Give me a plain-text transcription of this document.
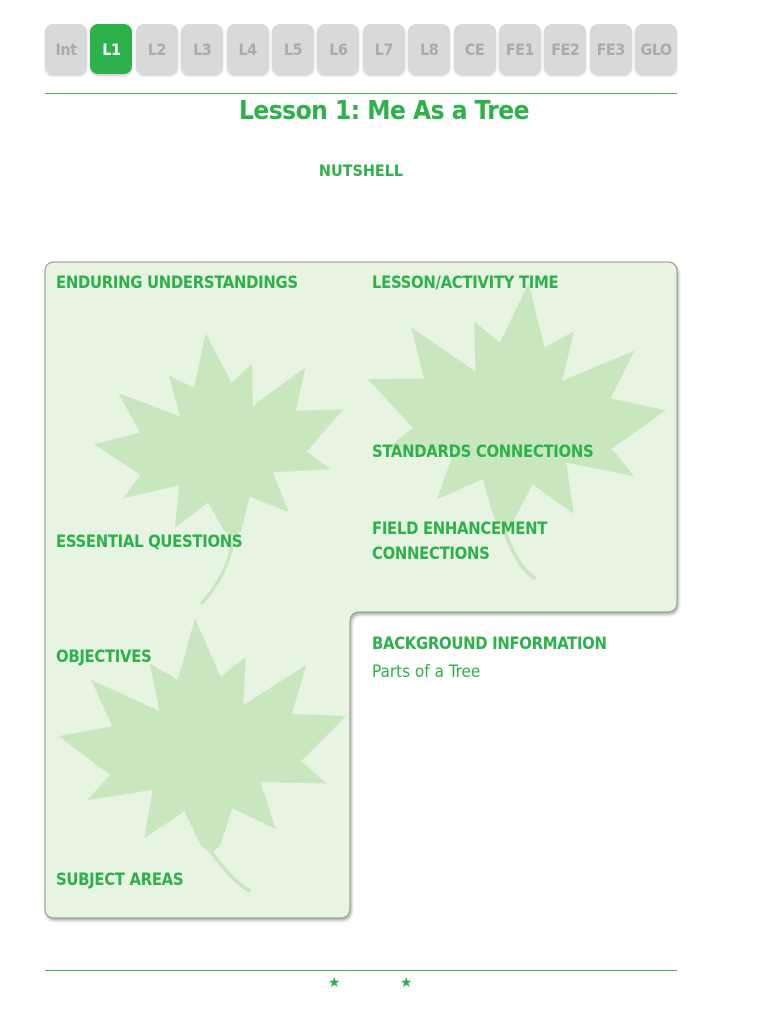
Int	L1	L2	L3	L4	L5	L6	L7	L8	CE	FE1	FE2	FE3 GLO
Lesson 1: Me As a Tree
NUTSHELL
ENDURING UNDERSTANDINGS	LESSON/ACTIVITY TIME
STANDARDS CONNECTIONS
ESSENTIAL QUESTIONS
FIELD ENHANCEMENT
CONNECTIONS
OBJECTIVES
SUBJECT AREAS
BACKGROUND INFORMATION
Parts of a Tree
★	★
